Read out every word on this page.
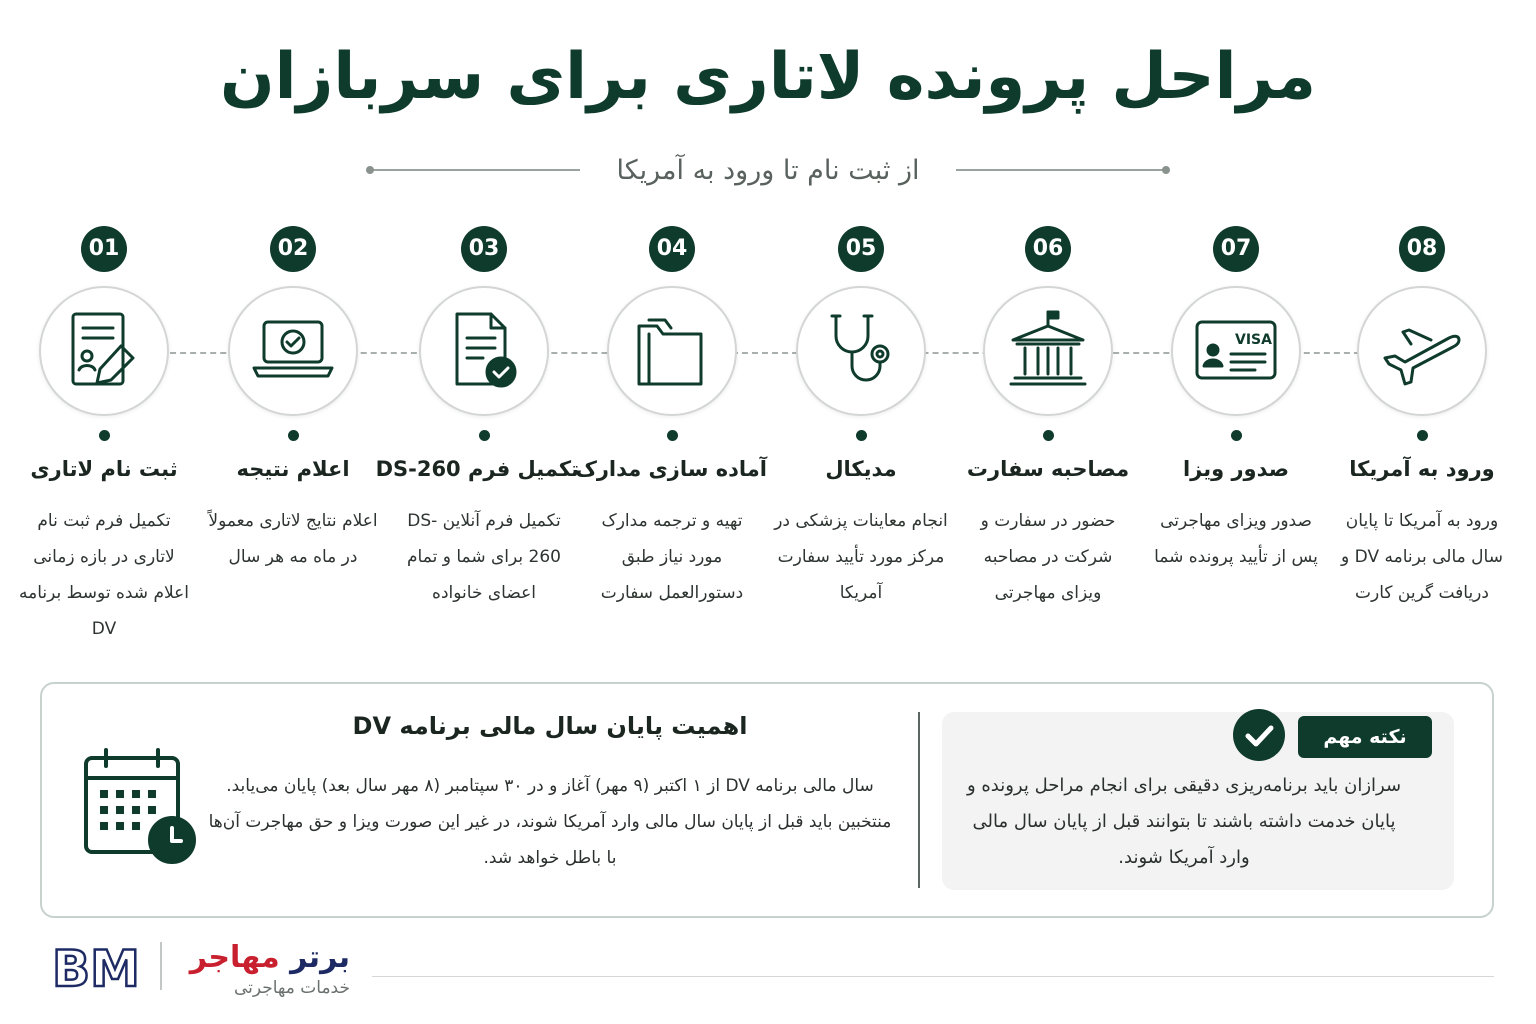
مراحل پرونده لاتاری برای سربازان
از ثبت نام تا ورود به آمریکا
01
ثبت نام لاتاری
تکمیل فرم ثبت نام لاتاری در بازه زمانی اعلام شده توسط برنامه DV
02
اعلام نتیجه
اعلام نتایج لاتاری معمولاً در ماه مه هر سال
03
تکمیل فرم DS-260
تکمیل فرم آنلاین DS-260 برای شما و تمام اعضای خانواده
04
آماده سازی مدارک
تهیه و ترجمه مدارک مورد نیاز طبق دستورالعمل سفارت
05
مدیکال
انجام معاینات پزشکی در مرکز مورد تأیید سفارت آمریکا
06
مصاحبه سفارت
حضور در سفارت و شرکت در مصاحبه ویزای مهاجرتی
07
VISA
صدور ویزا
صدور ویزای مهاجرتی پس از تأیید پرونده شما
08
ورود به آمریکا
ورود به آمریکا تا پایان سال مالی برنامه DV و دریافت گرین کارت
نکته مهم
سرازان باید برنامه‌ریزی دقیقی برای انجام مراحل پرونده و پایان خدمت داشته باشند تا بتوانند قبل از پایان سال مالی وارد آمریکا شوند.
اهمیت پایان سال مالی برنامه DV
سال مالی برنامه DV از ۱ اکتبر (۹ مهر) آغاز و در ۳۰ سپتامبر (۸ مهر سال بعد) پایان می‌یابد. منتخبین باید قبل از پایان سال مالی وارد آمریکا شوند، در غیر این صورت ویزا و حق مهاجرت آن‌ها با باطل خواهد شد.
BM	برتر مهاجر
خدمات مهاجرتی
